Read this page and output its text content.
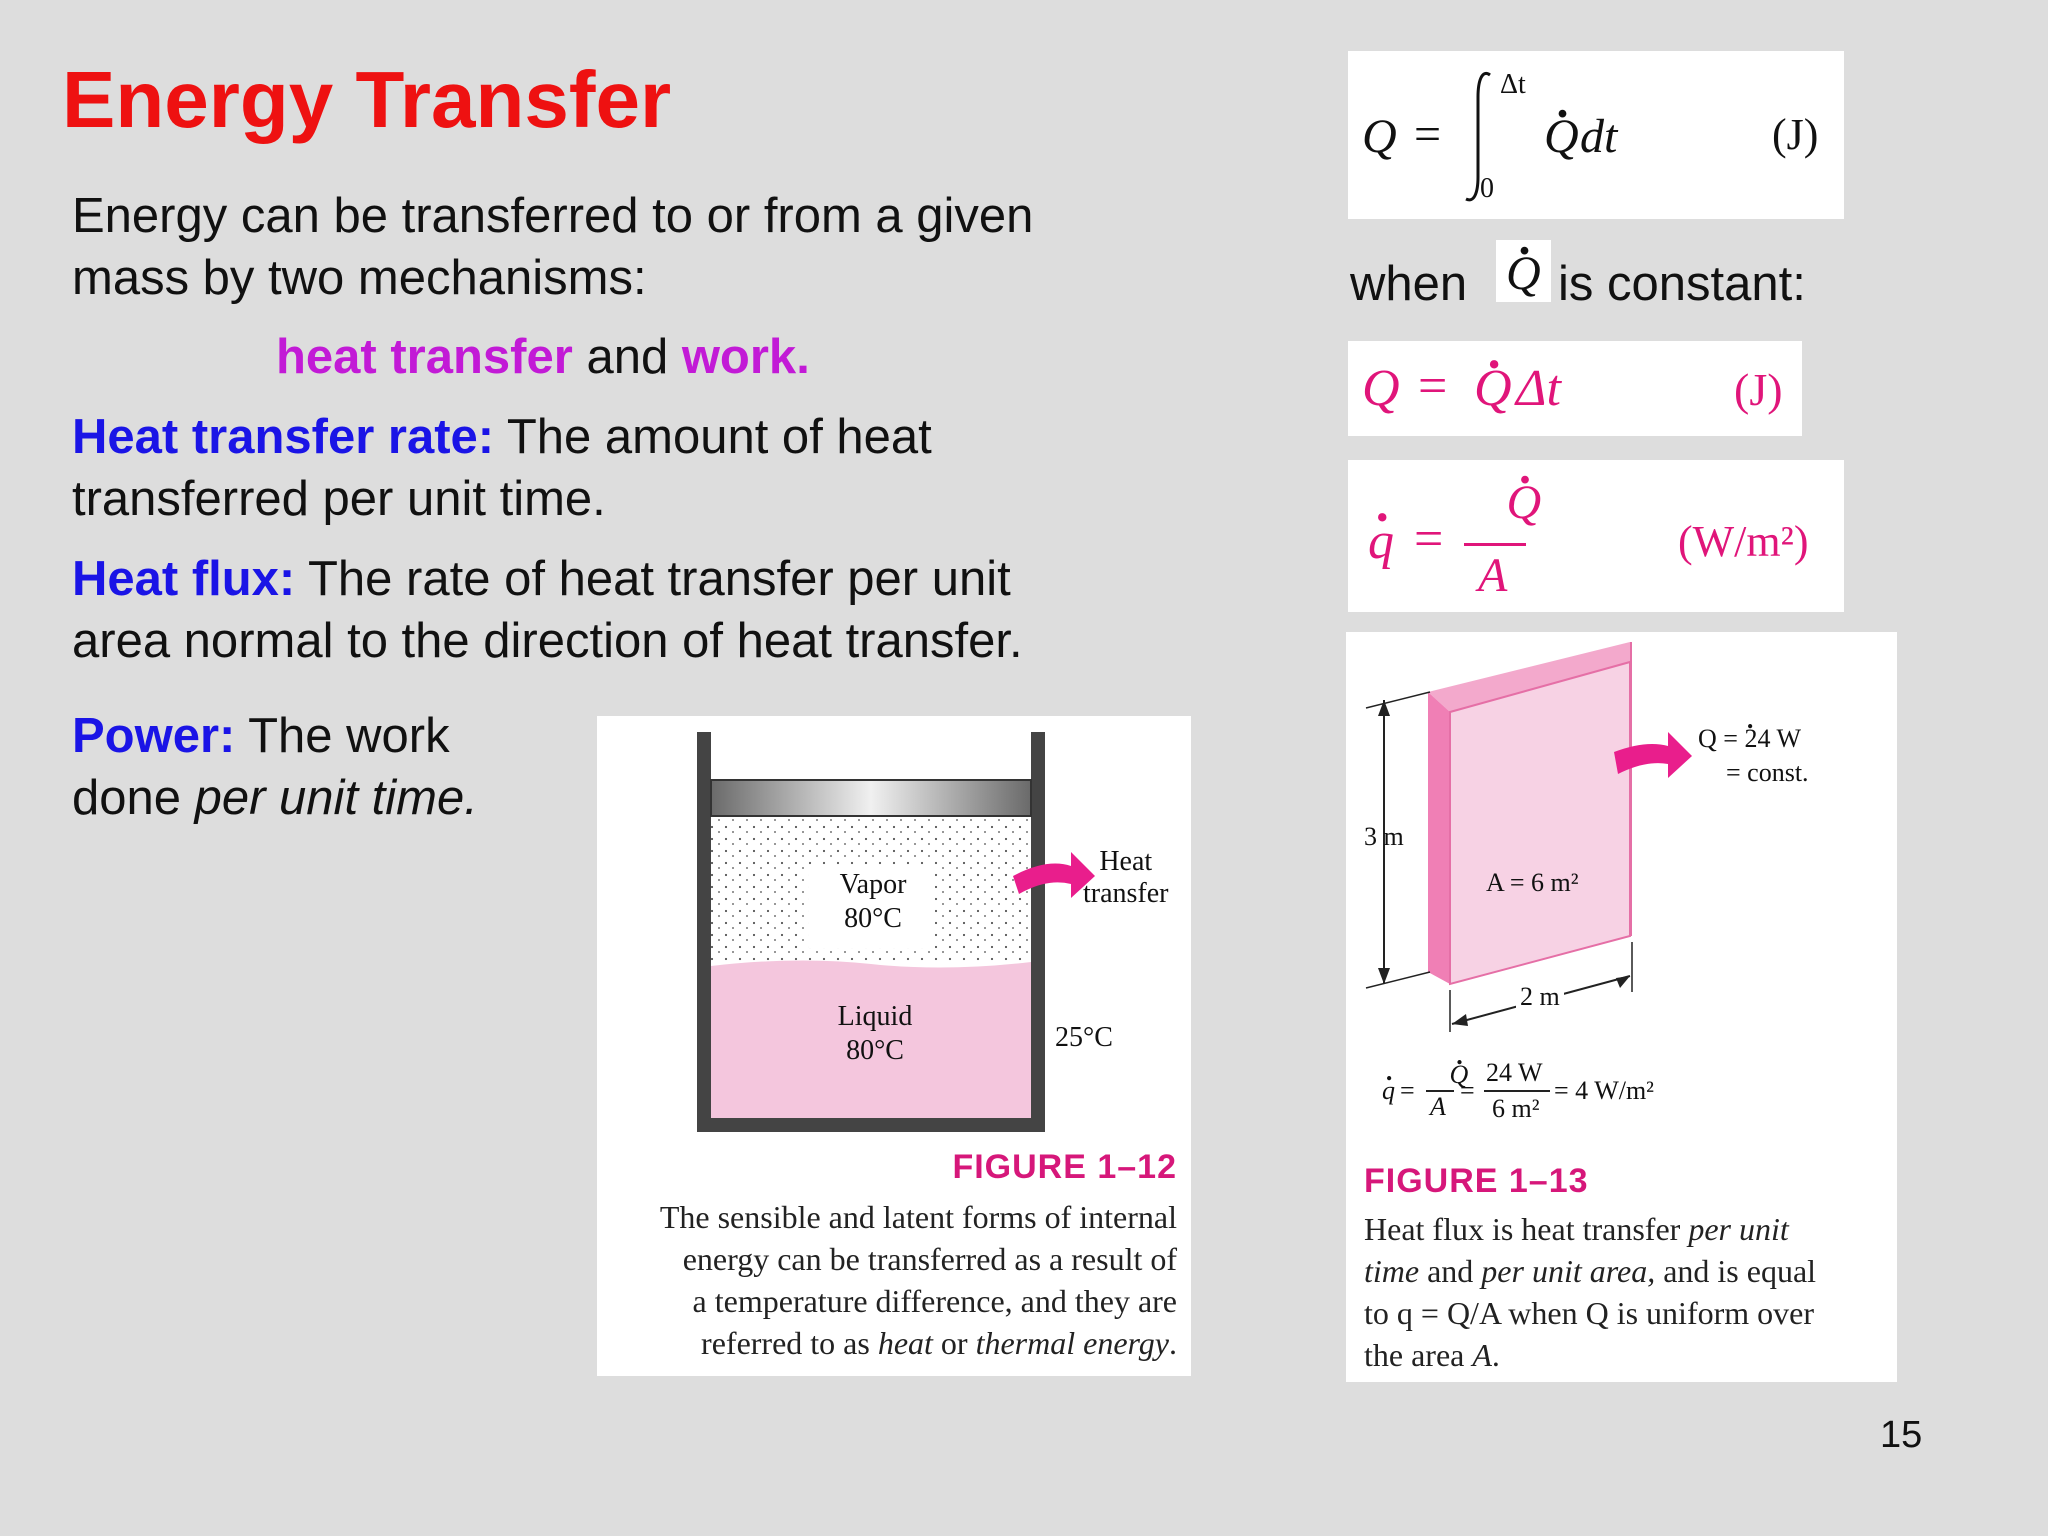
Energy Transfer
Energy can be transferred to or from a given
mass by two mechanisms:
heat transfer and work.
Heat transfer rate: The amount of heat
transferred per unit time.
Heat flux: The rate of heat transfer per unit
area normal to the direction of heat transfer.
Power: The work
done per unit time.
Q =
Δt
0
. Q dt	(J)
when . Q is constant:
Q = . Q Δt	(J)
. q =
. Q
A
(W/m²)
Vapor
80°C
Liquid
80°C
Heat
transfer
25°C
FIGURE 1–12
The sensible and latent forms of internal
energy can be transferred as a result of
a temperature difference, and they are
referred to as heat or thermal energy.
. Q = 24 W
= const.
3 m
A = 6 m²
2 m
. q =
. Q
A
=
24 W
6 m²
= 4 W/m²
FIGURE 1–13
Heat flux is heat transfer per unit
time and per unit area, and is equal
to q = Q/A when Q is uniform over
the area A.
15
